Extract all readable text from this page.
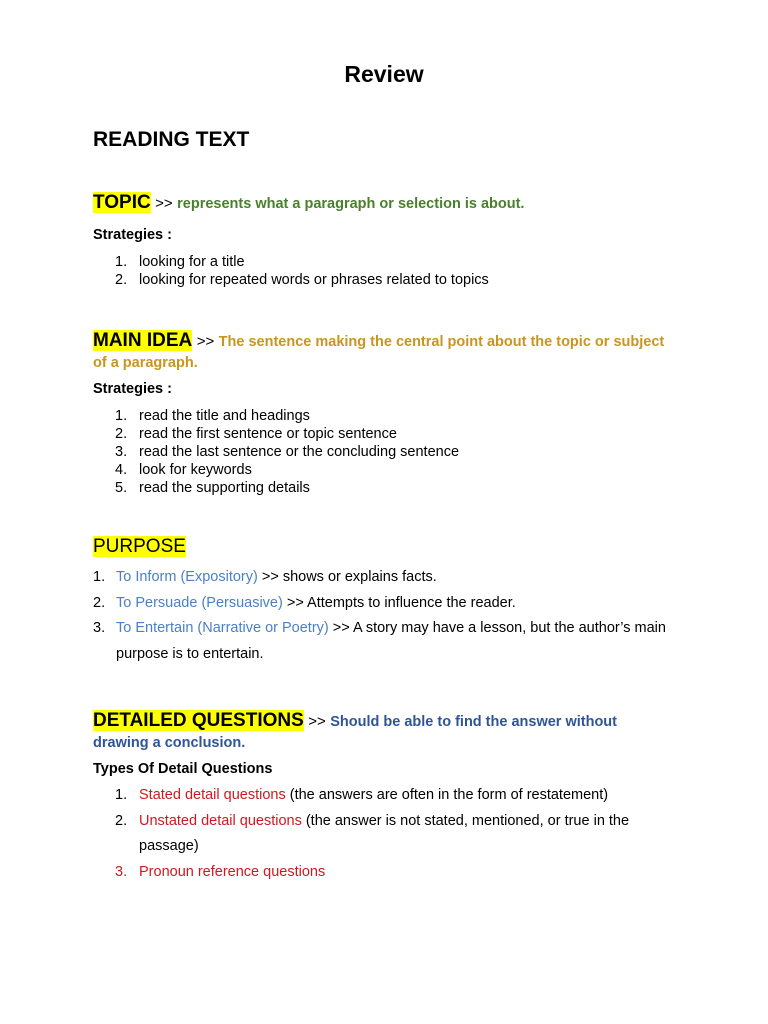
Review
READING TEXT

TOPIC >> represents what a paragraph or selection is about.

Strategies :

1. looking for a title
2. looking for repeated words or phrases related to topics

MAIN IDEA >> The sentence making the central point about the topic or subject of a paragraph.

Strategies :

1. read the title and headings
2. read the first sentence or topic sentence
3. read the last sentence or the concluding sentence
4. look for keywords
5. read the supporting details

PURPOSE

1. To Inform (Expository) >> shows or explains facts.
2. To Persuade (Persuasive) >> Attempts to influence the reader.
3. To Entertain (Narrative or Poetry) >> A story may have a lesson, but the author’s main purpose is to entertain.

DETAILED QUESTIONS >> Should be able to find the answer without drawing a conclusion.

Types Of Detail Questions

1. Stated detail questions (the answers are often in the form of restatement)
2. Unstated detail questions (the answer is not stated, mentioned, or true in the passage)
3. Pronoun reference questions
